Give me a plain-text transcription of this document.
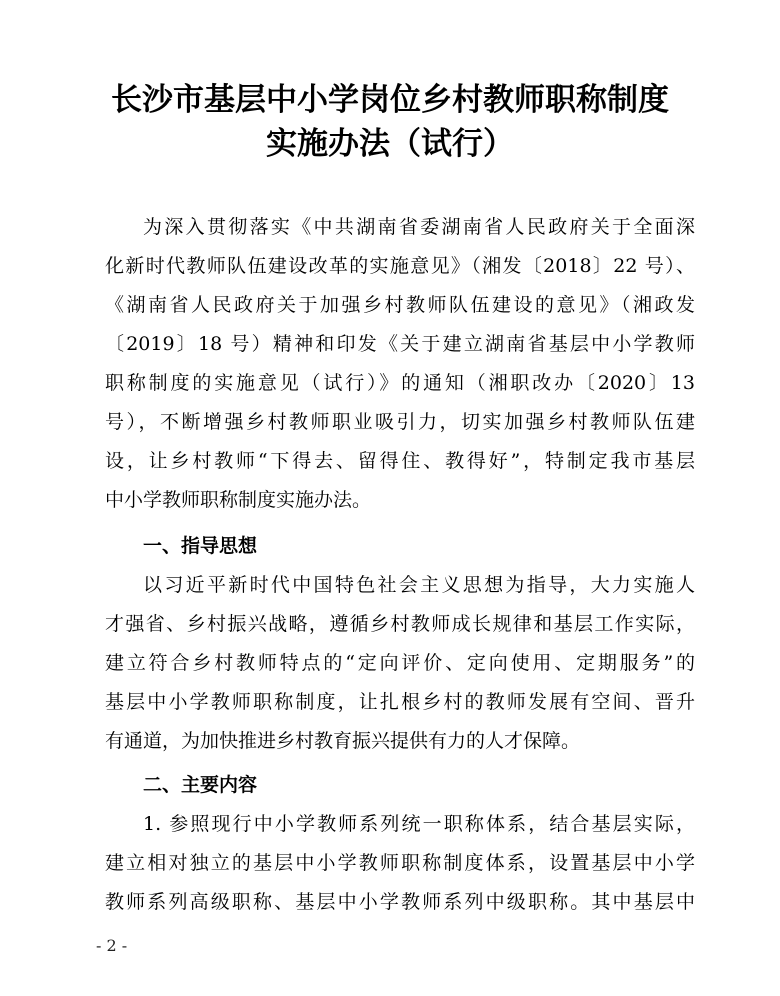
长沙市基层中小学岗位乡村教师职称制度
实施办法（试行）
为深入贯彻落实《中共湖南省委湖南省人民政府关于全面深
化新时代教师队伍建设改革的实施意见》（湘发〔2018〕22 号）、
《湖南省人民政府关于加强乡村教师队伍建设的意见》（湘政发
〔2019〕18 号）精神和印发《关于建立湖南省基层中小学教师
职称制度的实施意见（试行）》的通知（湘职改办〔2020〕13
号），不断增强乡村教师职业吸引力，切实加强乡村教师队伍建
设，让乡村教师“下得去、留得住、教得好”，特制定我市基层
中小学教师职称制度实施办法。
一、指导思想
以习近平新时代中国特色社会主义思想为指导，大力实施人
才强省、乡村振兴战略，遵循乡村教师成长规律和基层工作实际，
建立符合乡村教师特点的“定向评价、定向使用、定期服务”的
基层中小学教师职称制度，让扎根乡村的教师发展有空间、晋升
有通道，为加快推进乡村教育振兴提供有力的人才保障。
二、主要内容
1. 参照现行中小学教师系列统一职称体系，结合基层实际，
建立相对独立的基层中小学教师职称制度体系，设置基层中小学
教师系列高级职称、基层中小学教师系列中级职称。其中基层中
- 2 -
